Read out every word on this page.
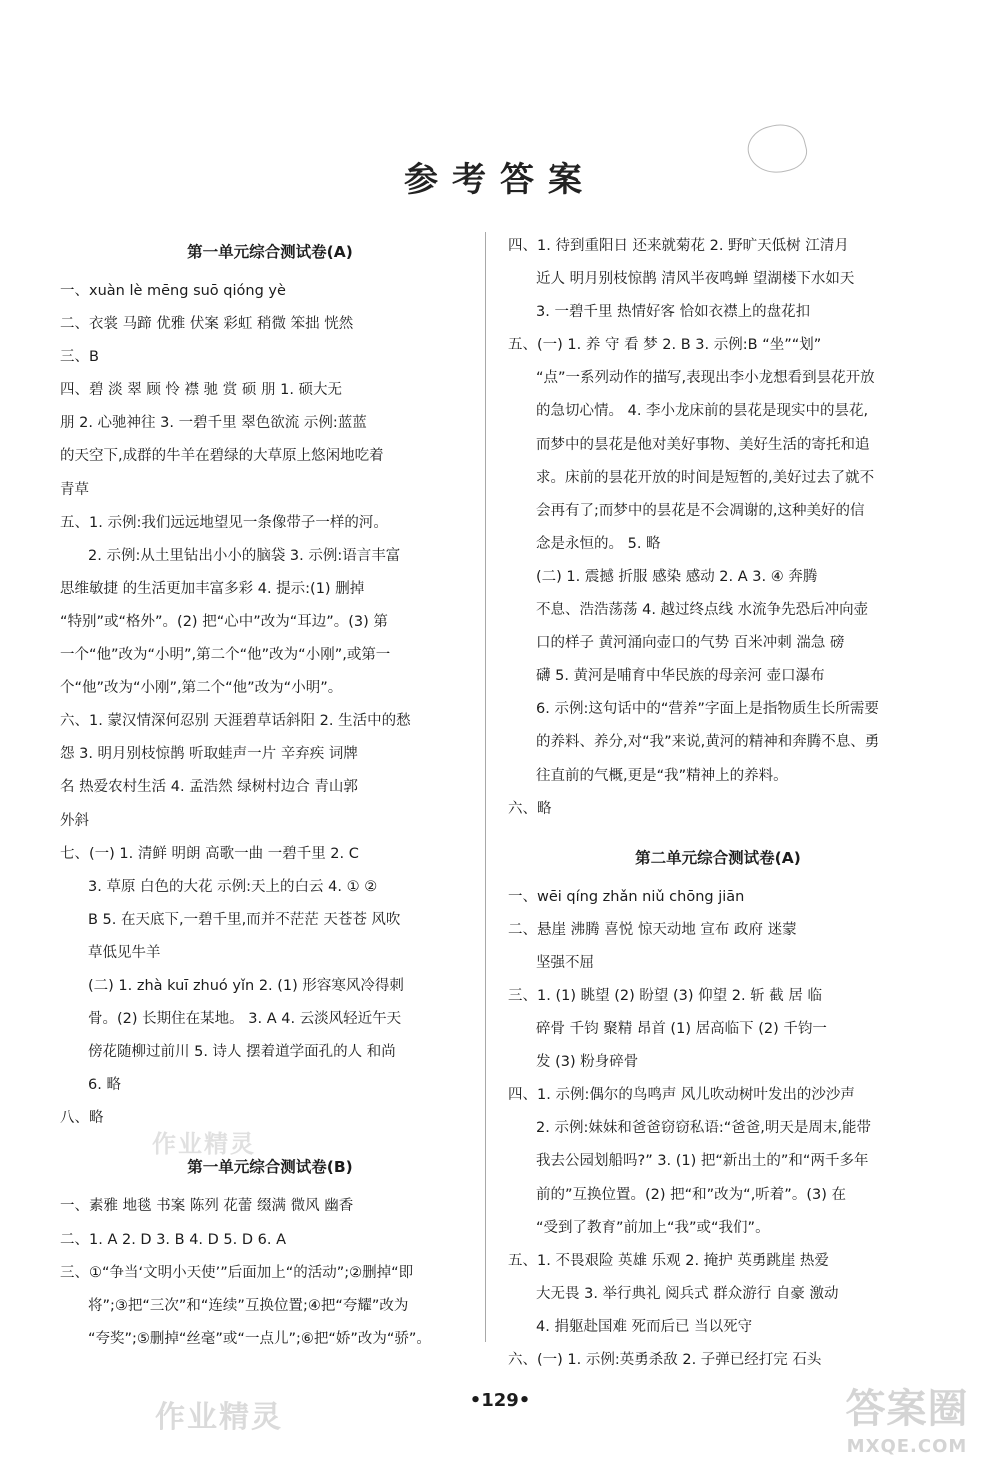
参考答案
第一单元综合测试卷(A)
一、xuàn lè mēng suō qióng yè
二、衣裳 马蹄 优雅 伏案 彩虹 稍微 笨拙 恍然
三、B
四、碧 淡 翠 顾 怜 襟 驰 赏 硕 朋 1. 硕大无
朋 2. 心驰神往 3. 一碧千里 翠色欲流 示例:蓝蓝
的天空下,成群的牛羊在碧绿的大草原上悠闲地吃着
青草
五、1. 示例:我们远远地望见一条像带子一样的河。
2. 示例:从土里钻出小小的脑袋 3. 示例:语言丰富
思维敏捷 的生活更加丰富多彩 4. 提示:(1) 删掉
“特别”或“格外”。(2) 把“心中”改为“耳边”。(3) 第
一个“他”改为“小明”,第二个“他”改为“小刚”,或第一
个“他”改为“小刚”,第二个“他”改为“小明”。
六、1. 蒙汉情深何忍别 天涯碧草话斜阳 2. 生活中的愁
怨 3. 明月别枝惊鹊 听取蛙声一片 辛弃疾 词牌
名 热爱农村生活 4. 孟浩然 绿树村边合 青山郭
外斜
七、(一) 1. 清鲜 明朗 高歌一曲 一碧千里 2. C
3. 草原 白色的大花 示例:天上的白云 4. ① ②
B 5. 在天底下,一碧千里,而并不茫茫 天苍苍 风吹
草低见牛羊
(二) 1. zhà kuī zhuó yǐn 2. (1) 形容寒风冷得刺
骨。(2) 长期住在某地。 3. A 4. 云淡风轻近午天
傍花随柳过前川 5. 诗人 摆着道学面孔的人 和尚
6. 略
八、略
第一单元综合测试卷(B)
一、素雅 地毯 书案 陈列 花蕾 缀满 微风 幽香
二、1. A 2. D 3. B 4. D 5. D 6. A
三、①“争当‘文明小天使’”后面加上“的活动”;②删掉“即
将”;③把“三次”和“连续”互换位置;④把“夸耀”改为
“夸奖”;⑤删掉“丝毫”或“一点儿”;⑥把“娇”改为“骄”。
四、1. 待到重阳日 还来就菊花 2. 野旷天低树 江清月
近人 明月别枝惊鹊 清风半夜鸣蝉 望湖楼下水如天
3. 一碧千里 热情好客 恰如衣襟上的盘花扣
五、(一) 1. 养 守 看 梦 2. B 3. 示例:B “坐”“划”
“点”一系列动作的描写,表现出李小龙想看到昙花开放
的急切心情。 4. 李小龙床前的昙花是现实中的昙花,
而梦中的昙花是他对美好事物、美好生活的寄托和追
求。床前的昙花开放的时间是短暂的,美好过去了就不
会再有了;而梦中的昙花是不会凋谢的,这种美好的信
念是永恒的。 5. 略
(二) 1. 震撼 折服 感染 感动 2. A 3. ④ 奔腾
不息、浩浩荡荡 4. 越过终点线 水流争先恐后冲向壶
口的样子 黄河涌向壶口的气势 百米冲刺 湍急 磅
礴 5. 黄河是哺育中华民族的母亲河 壶口瀑布
6. 示例:这句话中的“营养”字面上是指物质生长所需要
的养料、养分,对“我”来说,黄河的精神和奔腾不息、勇
往直前的气概,更是“我”精神上的养料。
六、略
第二单元综合测试卷(A)
一、wēi qíng zhǎn niǔ chōng jiān
二、悬崖 沸腾 喜悦 惊天动地 宣布 政府 迷蒙
坚强不屈
三、1. (1) 眺望 (2) 盼望 (3) 仰望 2. 斩 截 居 临
碎骨 千钧 聚精 昂首 (1) 居高临下 (2) 千钧一
发 (3) 粉身碎骨
四、1. 示例:偶尔的鸟鸣声 风儿吹动树叶发出的沙沙声
2. 示例:妹妹和爸爸窃窃私语:“爸爸,明天是周末,能带
我去公园划船吗?” 3. (1) 把“新出土的”和“两千多年
前的”互换位置。(2) 把“和”改为“,听着”。(3) 在
“受到了教育”前加上“我”或“我们”。
五、1. 不畏艰险 英雄 乐观 2. 掩护 英勇跳崖 热爱
大无畏 3. 举行典礼 阅兵式 群众游行 自豪 激动
4. 捐躯赴国难 死而后已 当以死守
六、(一) 1. 示例:英勇杀敌 2. 子弹已经打完 石头
作业精灵
•129•
作业精灵	答案圈
MXQE.COM
